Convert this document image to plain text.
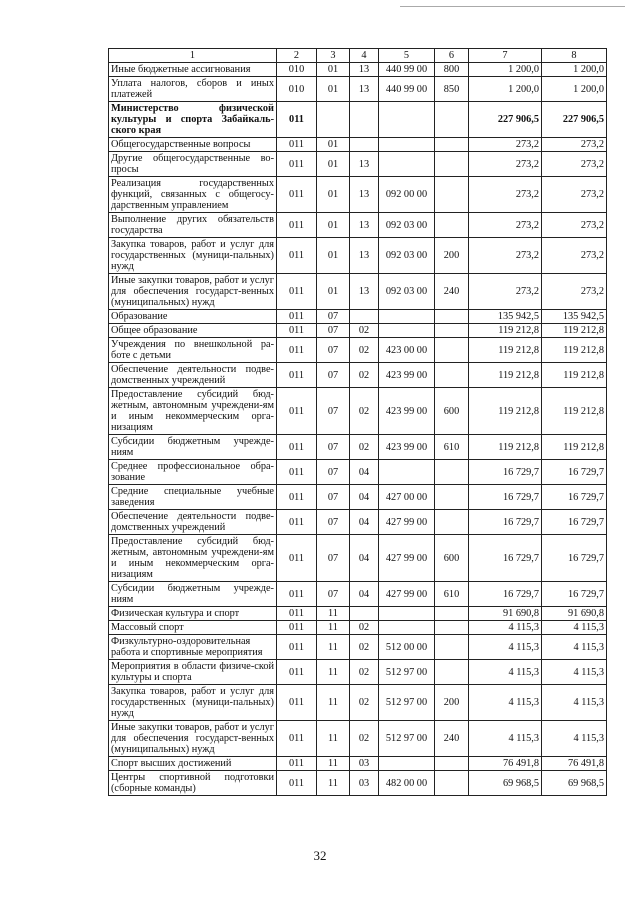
1	2	3	4	5	6	7	8
Иные бюджетные ассигнования	010	01	13	440 99 00	800	1 200,0	1 200,0
Уплата налогов, сборов и иных платежей	010	01	13	440 99 00	850	1 200,0	1 200,0
Министерство физической культуры и спорта Забайкаль-ского края	011					227 906,5	227 906,5
Общегосударственные вопросы	011	01				273,2	273,2
Другие общегосударственные во-просы	011	01	13			273,2	273,2
Реализация государственных функций, связанных с общегосу-дарственным управлением	011	01	13	092 00 00		273,2	273,2
Выполнение других обязательств государства	011	01	13	092 03 00		273,2	273,2
Закупка товаров, работ и услуг для государственных (муници-пальных) нужд	011	01	13	092 03 00	200	273,2	273,2
Иные закупки товаров, работ и услуг для обеспечения государст-венных (муниципальных) нужд	011	01	13	092 03 00	240	273,2	273,2
Образование	011	07				135 942,5	135 942,5
Общее образование	011	07	02			119 212,8	119 212,8
Учреждения по внешкольной ра-боте с детьми	011	07	02	423 00 00		119 212,8	119 212,8
Обеспечение деятельности подве-домственных учреждений	011	07	02	423 99 00		119 212,8	119 212,8
Предоставление субсидий бюд-жетным, автономным учреждени-ям и иным некоммерческим орга-низациям	011	07	02	423 99 00	600	119 212,8	119 212,8
Субсидии бюджетным учрежде-ниям	011	07	02	423 99 00	610	119 212,8	119 212,8
Среднее профессиональное обра-зование	011	07	04			16 729,7	16 729,7
Средние специальные учебные заведения	011	07	04	427 00 00		16 729,7	16 729,7
Обеспечение деятельности подве-домственных учреждений	011	07	04	427 99 00		16 729,7	16 729,7
Предоставление субсидий бюд-жетным, автономным учреждени-ям и иным некоммерческим орга-низациям	011	07	04	427 99 00	600	16 729,7	16 729,7
Субсидии бюджетным учрежде-ниям	011	07	04	427 99 00	610	16 729,7	16 729,7
Физическая культура и спорт	011	11				91 690,8	91 690,8
Массовый спорт	011	11	02			4 115,3	4 115,3
Физкультурно-оздоровительная работа и спортивные мероприятия	011	11	02	512 00 00		4 115,3	4 115,3
Мероприятия в области физиче-ской культуры и спорта	011	11	02	512 97 00		4 115,3	4 115,3
Закупка товаров, работ и услуг для государственных (муници-пальных) нужд	011	11	02	512 97 00	200	4 115,3	4 115,3
Иные закупки товаров, работ и услуг для обеспечения государст-венных (муниципальных) нужд	011	11	02	512 97 00	240	4 115,3	4 115,3
Спорт высших достижений	011	11	03			76 491,8	76 491,8
Центры спортивной подготовки (сборные команды)	011	11	03	482 00 00		69 968,5	69 968,5
32
